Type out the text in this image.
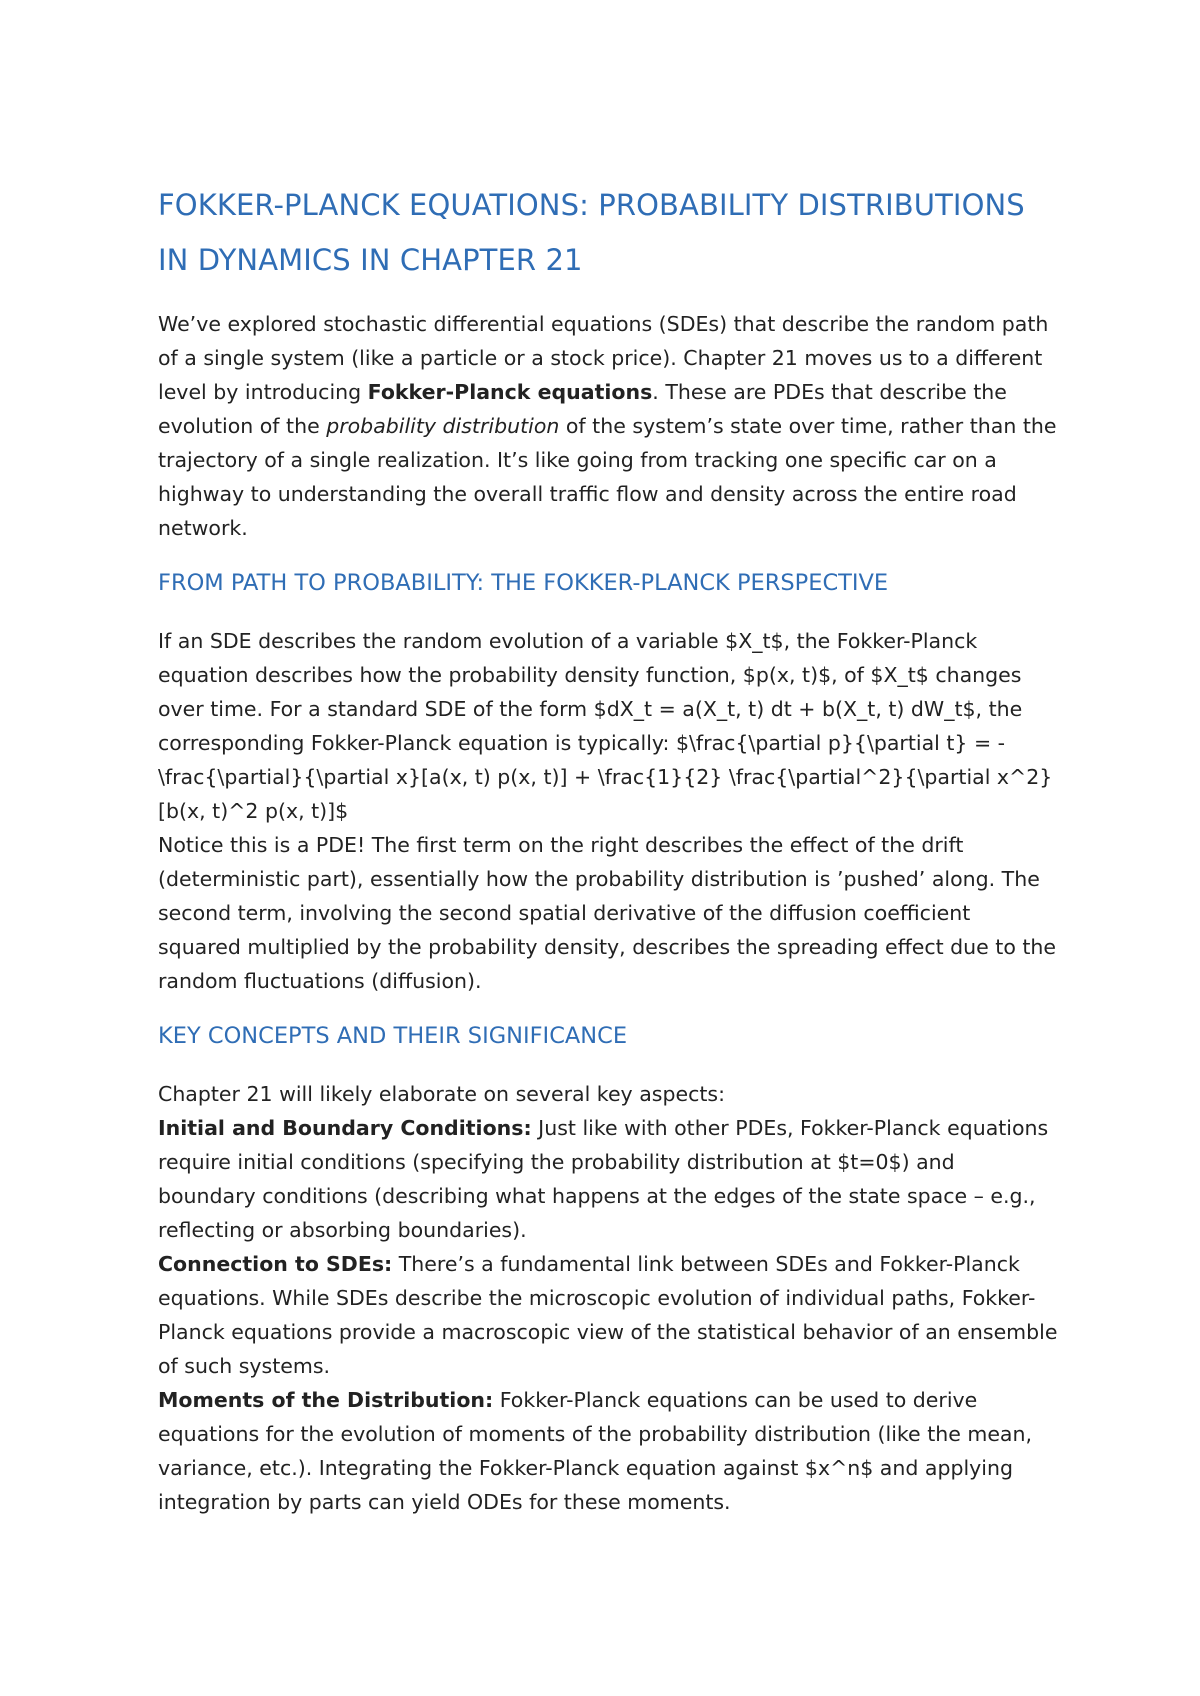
FOKKER-PLANCK EQUATIONS: PROBABILITY DISTRIBUTIONS IN DYNAMICS IN CHAPTER 21

We’ve explored stochastic differential equations (SDEs) that describe the random path of a single system (like a particle or a stock price). Chapter 21 moves us to a different level by introducing Fokker-Planck equations. These are PDEs that describe the evolution of the probability distribution of the system’s state over time, rather than the trajectory of a single realization. It’s like going from tracking one specific car on a highway to understanding the overall traffic flow and density across the entire road network.

FROM PATH TO PROBABILITY: THE FOKKER-PLANCK PERSPECTIVE

If an SDE describes the random evolution of a variable $X_t$, the Fokker-Planck equation describes how the probability density function, $p(x, t)$, of $X_t$ changes over time. For a standard SDE of the form $dX_t = a(X_t, t) dt + b(X_t, t) dW_t$, the corresponding Fokker-Planck equation is typically: $\frac{\partial p}{\partial t} = -\frac{\partial}{\partial x}[a(x, t) p(x, t)] + \frac{1}{2} \frac{\partial^2}{\partial x^2}[b(x, t)^2 p(x, t)]$

Notice this is a PDE! The first term on the right describes the effect of the drift (deterministic part), essentially how the probability distribution is ’pushed’ along. The second term, involving the second spatial derivative of the diffusion coefficient squared multiplied by the probability density, describes the spreading effect due to the random fluctuations (diffusion).

KEY CONCEPTS AND THEIR SIGNIFICANCE

Chapter 21 will likely elaborate on several key aspects:

Initial and Boundary Conditions: Just like with other PDEs, Fokker-Planck equations require initial conditions (specifying the probability distribution at $t=0$) and boundary conditions (describing what happens at the edges of the state space – e.g., reflecting or absorbing boundaries).

Connection to SDEs: There’s a fundamental link between SDEs and Fokker-Planck equations. While SDEs describe the microscopic evolution of individual paths, Fokker-Planck equations provide a macroscopic view of the statistical behavior of an ensemble of such systems.

Moments of the Distribution: Fokker-Planck equations can be used to derive equations for the evolution of moments of the probability distribution (like the mean, variance, etc.). Integrating the Fokker-Planck equation against $x^n$ and applying integration by parts can yield ODEs for these moments.
